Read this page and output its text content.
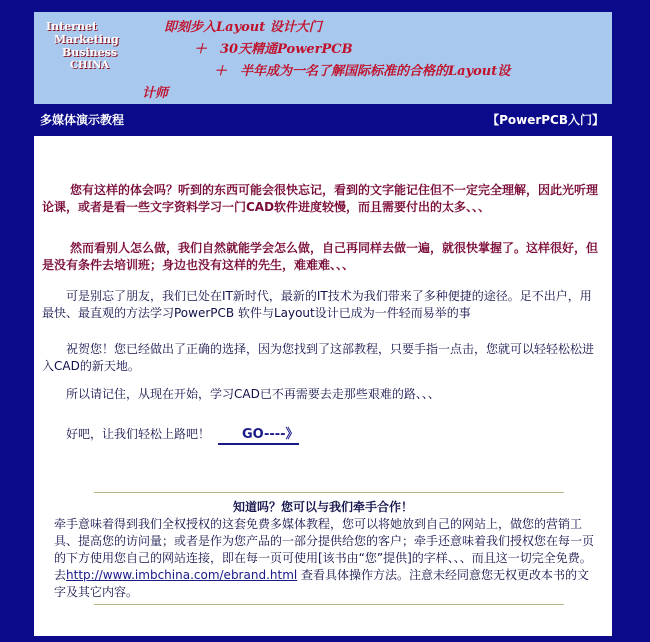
Internet
Marketing
Business
CHINA
即刻步入Layout 设计大门
＋　30天精通PowerPCB
＋　半年成为一名了解国际标准的合格的Layout设
计师
多媒体演示教程	【PowerPCB入门】
您有这样的体会吗？听到的东西可能会很快忘记，看到的文字能记住但不一定完全理解，因此光听理论课，或者是看一些文字资料学习一门CAD软件进度较慢，而且需要付出的太多、、、
然而看别人怎么做，我们自然就能学会怎么做，自己再同样去做一遍，就很快掌握了。这样很好，但是没有条件去培训班；身边也没有这样的先生，难难难、、、
可是别忘了朋友，我们已处在IT新时代，最新的IT技术为我们带来了多种便捷的途径。足不出户，用最快、最直观的方法学习PowerPCB 软件与Layout设计已成为一件轻而易举的事
祝贺您！您已经做出了正确的选择，因为您找到了这部教程，只要手指一点击，您就可以轻轻松松进入CAD的新天地。
所以请记住，从现在开始，学习CAD已不再需要去走那些艰难的路、、、
好吧，让我们轻松上路吧！ GO----》
知道吗？您可以与我们牵手合作！
牵手意味着得到我们全权授权的这套免费多媒体教程，您可以将她放到自己的网站上，做您的营销工具、提高您的访问量；或者是作为您产品的一部分提供给您的客户；牵手还意味着我们授权您在每一页的下方使用您自己的网站连接，即在每一页可使用[该书由“您”提供]的字样、、、而且这一切完全免费。去http://www.imbchina.com/ebrand.html 查看具体操作方法。注意未经同意您无权更改本书的文字及其它内容。
